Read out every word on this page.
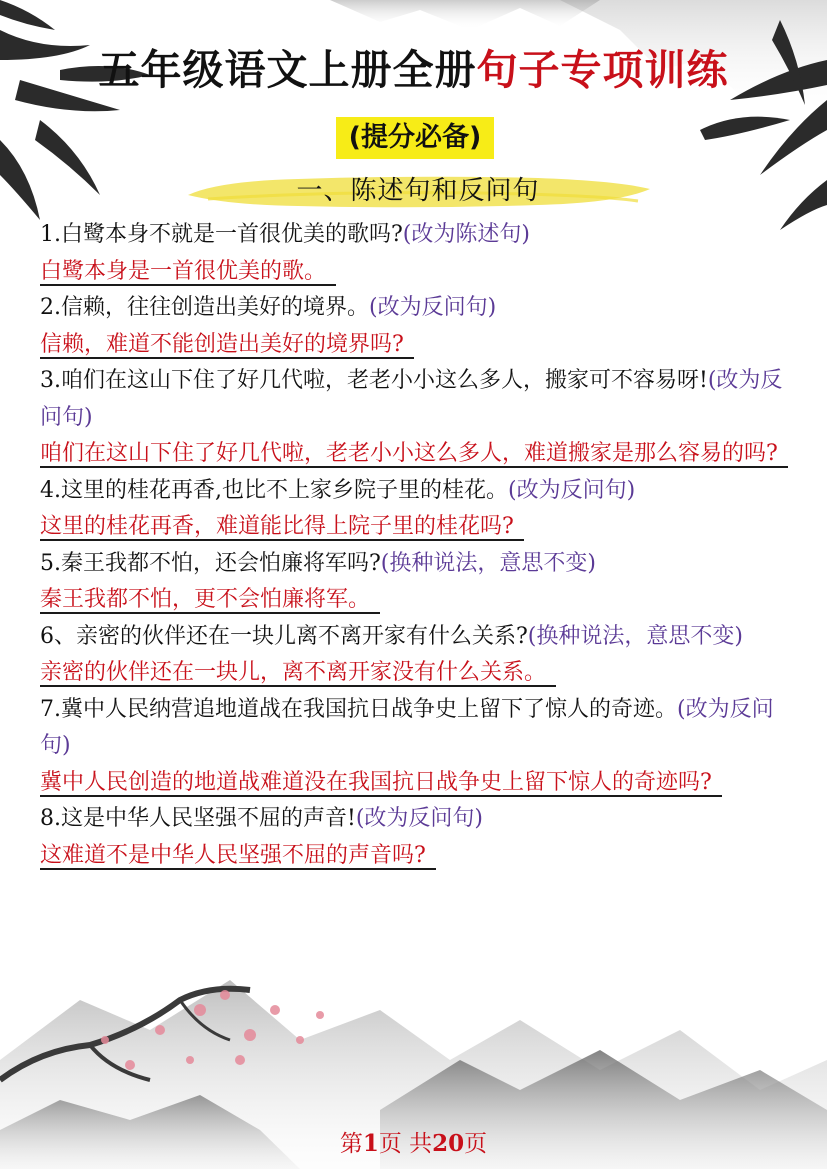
五年级语文上册全册句子专项训练
(提分必备)
一、陈述句和反问句
1.白鹭本身不就是一首很优美的歌吗?(改为陈述句)
白鹭本身是一首很优美的歌。
2.信赖，往往创造出美好的境界。(改为反问句)
信赖，难道不能创造出美好的境界吗?
3.咱们在这山下住了好几代啦，老老小小这么多人，搬家可不容易呀!(改为反问句)
咱们在这山下住了好几代啦，老老小小这么多人，难道搬家是那么容易的吗?
4.这里的桂花再香,也比不上家乡院子里的桂花。(改为反问句)
这里的桂花再香，难道能比得上院子里的桂花吗?
5.秦王我都不怕，还会怕廉将军吗?(换种说法，意思不变)
秦王我都不怕，更不会怕廉将军。
6、亲密的伙伴还在一块儿离不离开家有什么关系?(换种说法，意思不变)
亲密的伙伴还在一块儿，离不离开家没有什么关系。
7.冀中人民纳营追地道战在我国抗日战争史上留下了惊人的奇迹。(改为反问句)
冀中人民创造的地道战难道没在我国抗日战争史上留下惊人的奇迹吗?
8.这是中华人民坚强不屈的声音!(改为反问句)
这难道不是中华人民坚强不屈的声音吗?
第1页 共20页
